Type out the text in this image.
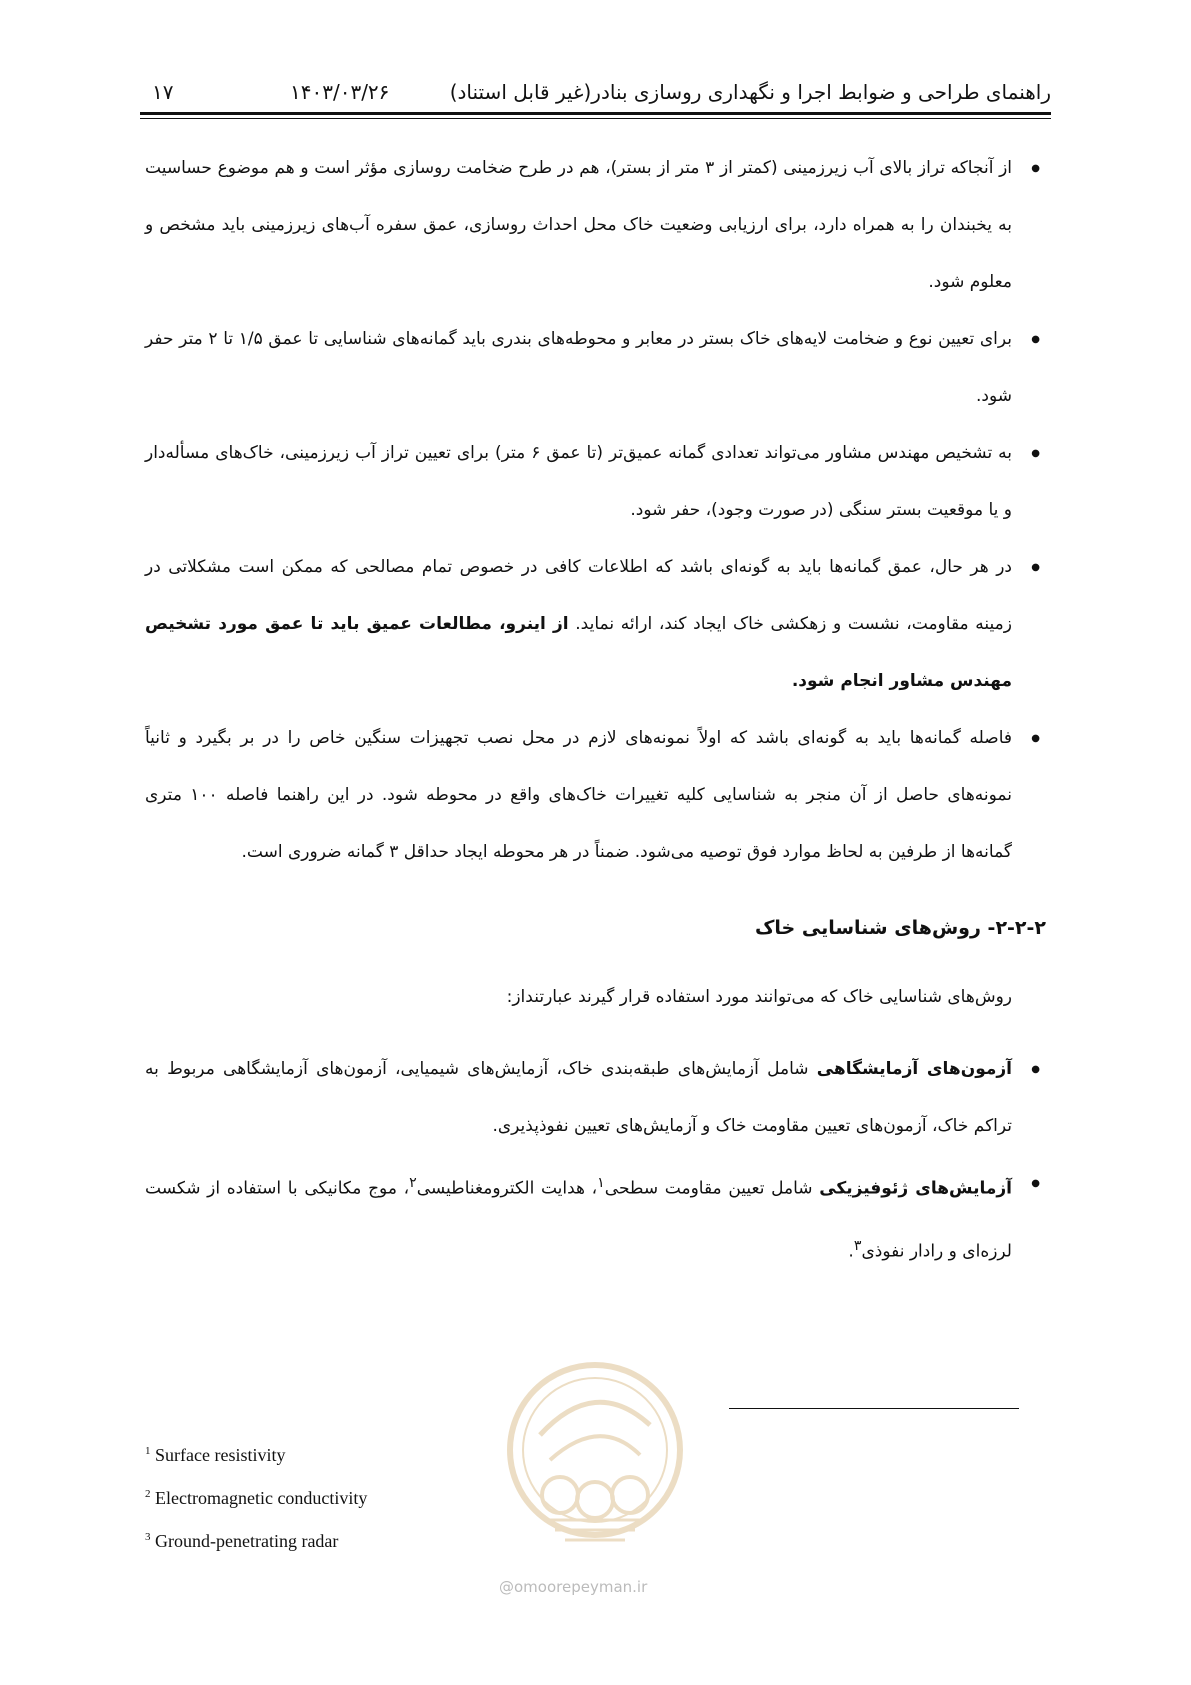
راهنمای طراحی و ضوابط اجرا و نگهداری روسازی بنادر(غیر قابل استناد)
۱۴۰۳/۰۳/۲۶
۱۷
● از آنجاکه تراز بالای آب زیرزمینی (کمتر از ۳ متر از بستر)، هم در طرح ضخامت روسازی مؤثر است و هم موضوع حساسیت به یخبندان را به همراه دارد، برای ارزیابی وضعیت خاک محل احداث روسازی، عمق سفره آب‌های زیرزمینی باید مشخص و معلوم شود.
● برای تعیین نوع و ضخامت لایه‌های خاک بستر در معابر و محوطه‌های بندری باید گمانه‌های شناسایی تا عمق ۱/۵ تا ۲ متر حفر شود.
● به تشخیص مهندس مشاور می‌تواند تعدادی گمانه عمیق‌تر (تا عمق ۶ متر) برای تعیین تراز آب زیرزمینی، خاک‌های مسأله‌دار و یا موقعیت بستر سنگی (در صورت وجود)، حفر شود.
● در هر حال، عمق گمانه‌ها باید به گونه‌ای باشد که اطلاعات کافی در خصوص تمام مصالحی که ممکن است مشکلاتی در زمینه مقاومت، نشست و زهکشی خاک ایجاد کند، ارائه نماید. از اینرو، مطالعات عمیق باید تا عمق مورد تشخیص مهندس مشاور انجام شود.
● فاصله گمانه‌ها باید به گونه‌ای باشد که اولاً نمونه‌های لازم در محل نصب تجهیزات سنگین خاص را در بر بگیرد و ثانیاً نمونه‌های حاصل از آن منجر به شناسایی کلیه تغییرات خاک‌های واقع در محوطه شود. در این راهنما فاصله ۱۰۰ متری گمانه‌ها از طرفین به لحاظ موارد فوق توصیه می‌شود. ضمناً در هر محوطه ایجاد حداقل ۳ گمانه ضروری است.
۲-۲-۲- روش‌های شناسایی خاک
روش‌های شناسایی خاک که می‌توانند مورد استفاده قرار گیرند عبارتنداز:
● آزمون‌های آزمایشگاهی شامل آزمایش‌های طبقه‌بندی خاک، آزمایش‌های شیمیایی، آزمون‌های آزمایشگاهی مربوط به تراکم خاک، آزمون‌های تعیین مقاومت خاک و آزمایش‌های تعیین نفوذپذیری.
● آزمایش‌های ژئوفیزیکی شامل تعیین مقاومت سطحی$^۱$، هدایت الکترومغناطیسی$^۲$، موج مکانیکی با استفاده از شکست لرزه‌ای و رادار نفوذی$^۳$.
@omoorepeyman.ir
$^1$ Surface resistivity
$^2$ Electromagnetic conductivity
$^3$ Ground-penetrating radar
